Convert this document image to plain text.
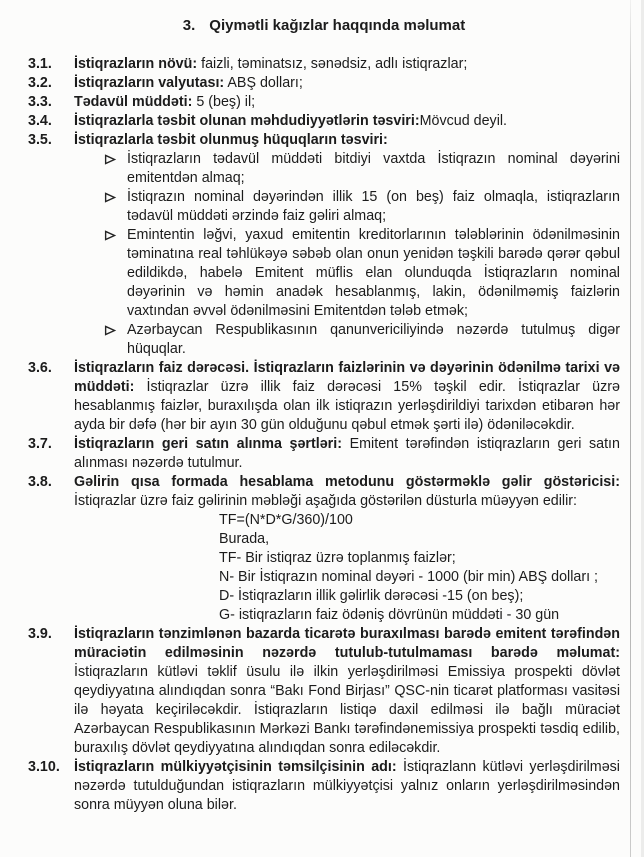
3. Qiymətli kağızlar haqqında məlumat
3.1.	İstiqrazların növü: faizli, təminatsız, sənədsiz, adlı istiqrazlar;
3.2.	İstiqrazların valyutası: ABŞ dolları;
3.3.	Tədavül müddəti: 5 (beş) il;
3.4.	İstiqrazlarla təsbit olunan məhdudiyyətlərin təsviri:Mövcud deyil.
3.5.	İstiqrazlarla təsbit olunmuş hüquqların təsviri:
İstiqrazların tədavül müddəti bitdiyi vaxtda İstiqrazın nominal dəyərini emitentdən almaq;
İstiqrazın nominal dəyərindən illik 15 (on beş) faiz olmaqla, istiqrazların tədavül müddəti ərzində faiz gəliri almaq;
Emintentin ləğvi, yaxud emitentin kreditorlarının tələblərinin ödənilməsinin təminatına real təhlükəyə səbəb olan onun yenidən təşkili barədə qərər qəbul edildikdə, habelə Emitent müflis elan olunduqda İstiqrazların nominal dəyərinin və həmin anadək hesablanmış, lakin, ödənilməmiş faizlərin vaxtından əvvəl ödənilməsini Emitentdən tələb etmək;
Azərbaycan Respublikasının qanunvericiliyində nəzərdə tutulmuş digər hüquqlar.
3.6.	İstiqrazların faiz dərəcəsi. İstiqrazların faizlərinin və dəyərinin ödənilmə tarixi və müddəti: İstiqrazlar üzrə illik faiz dərəcəsi 15% təşkil edir. İstiqrazlar üzrə hesablanmış faizlər, buraxılışda olan ilk istiqrazın yerləşdirildiyi tarixdən etibarən hər ayda bir dəfə (hər bir ayın 30 gün olduğunu qəbul etmək şərti ilə) ödəniləcəkdir.
3.7.	İstiqrazların geri satın alınma şərtləri: Emitent tərəfindən istiqrazların geri satın alınması nəzərdə tutulmur.
3.8.	Gəlirin qısa formada hesablama metodunu göstərməklə gəlir göstəricisi: İstiqrazlar üzrə faiz gəlirinin məbləği aşağıda göstərilən düsturla müəyyən edilir:
TF=(N*D*G/360)/100
Burada,
TF- Bir istiqraz üzrə toplanmış faizlər;
N- Bir İstiqrazın nominal dəyəri - 1000 (bir min) ABŞ dolları ;
D- İstiqrazların illik gəlirlik dərəcəsi -15 (on beş);
G- istiqrazların faiz ödəniş dövrünün müddəti - 30 gün
3.9.	İstiqrazların tənzimlənən bazarda ticarətə buraxılması barədə emitent tərəfindən müraciətin edilməsinin nəzərdə tutulub-tutulmaması barədə məlumat: İstiqrazların kütləvi təklif üsulu ilə ilkin yerləşdirilməsi Emissiya prospekti dövlət qeydiyyatına alındıqdan sonra “Bakı Fond Birjası” QSC-nin ticarət platforması vasitəsi ilə həyata keçiriləcəkdir. İstiqrazların listiqə daxil edilməsi ilə bağlı müraciət Azərbaycan Respublikasının Mərkəzi Bankı tərəfindənemissiya prospekti təsdiq edilib, buraxılış dövlət qeydiyyatına alındıqdan sonra ediləcəkdir.
3.10. İstiqrazların mülkiyyətçisinin təmsilçisinin adı: İstiqrazlann kütləvi yerləşdirilməsi nəzərdə tutulduğundan istiqrazların mülkiyyətçisi yalnız onların yerləşdirilməsindən sonra müyyən oluna bilər.
